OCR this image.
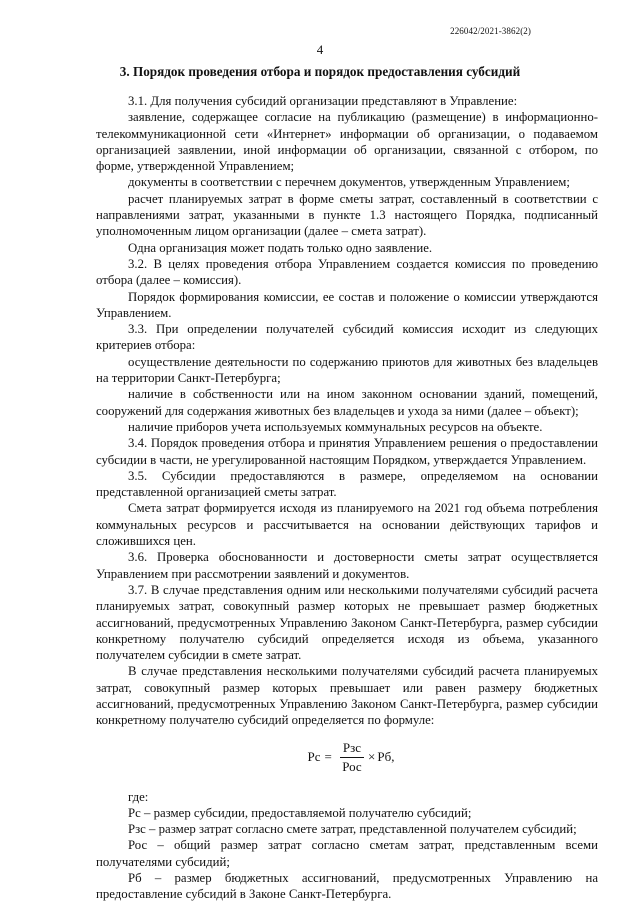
226042/2021-3862(2)
4
3. Порядок проведения отбора и порядок предоставления субсидий

3.1. Для получения субсидий организации представляют в Управление:

заявление, содержащее согласие на публикацию (размещение) в информационно-телекоммуникационной сети «Интернет» информации об организации, о подаваемом организацией заявлении, иной информации об организации, связанной с отбором, по форме, утвержденной Управлением;

документы в соответствии с перечнем документов, утвержденным Управлением;

расчет планируемых затрат в форме сметы затрат, составленный в соответствии с направлениями затрат, указанными в пункте 1.3 настоящего Порядка, подписанный уполномоченным лицом организации (далее – смета затрат).

Одна организация может подать только одно заявление.

3.2. В целях проведения отбора Управлением создается комиссия по проведению отбора (далее – комиссия).

Порядок формирования комиссии, ее состав и положение о комиссии утверждаются Управлением.

3.3. При определении получателей субсидий комиссия исходит из следующих критериев отбора:

осуществление деятельности по содержанию приютов для животных без владельцев на территории Санкт-Петербурга;

наличие в собственности или на ином законном основании зданий, помещений, сооружений для содержания животных без владельцев и ухода за ними (далее – объект);

наличие приборов учета используемых коммунальных ресурсов на объекте.

3.4. Порядок проведения отбора и принятия Управлением решения о предоставлении субсидии в части, не урегулированной настоящим Порядком, утверждается Управлением.

3.5. Субсидии предоставляются в размере, определяемом на основании представленной организацией сметы затрат.

Смета затрат формируется исходя из планируемого на 2021 год объема потребления коммунальных ресурсов и рассчитывается на основании действующих тарифов и сложившихся цен.

3.6. Проверка обоснованности и достоверности сметы затрат осуществляется Управлением при рассмотрении заявлений и документов.

3.7. В случае представления одним или несколькими получателями субсидий расчета планируемых затрат, совокупный размер которых не превышает размер бюджетных ассигнований, предусмотренных Управлению Законом Санкт-Петербурга, размер субсидии конкретному получателю субсидий определяется исходя из объема, указанного получателем субсидии в смете затрат.

В случае представления несколькими получателями субсидий расчета планируемых затрат, совокупный размер которых превышает или равен размеру бюджетных ассигнований, предусмотренных Управлению Законом Санкт-Петербурга, размер субсидии конкретному получателю субсидий определяется по формуле:

Рс = $\frac{\text{Рзс}}{\text{Рос}}$ × Рб,
где:

Рс – размер субсидии, предоставляемой получателю субсидий;

Рзс – размер затрат согласно смете затрат, представленной получателем субсидий;

Рос – общий размер затрат согласно сметам затрат, представленным всеми получателями субсидий;

Рб – размер бюджетных ассигнований, предусмотренных Управлению на предоставление субсидий в Законе Санкт-Петербурга.
